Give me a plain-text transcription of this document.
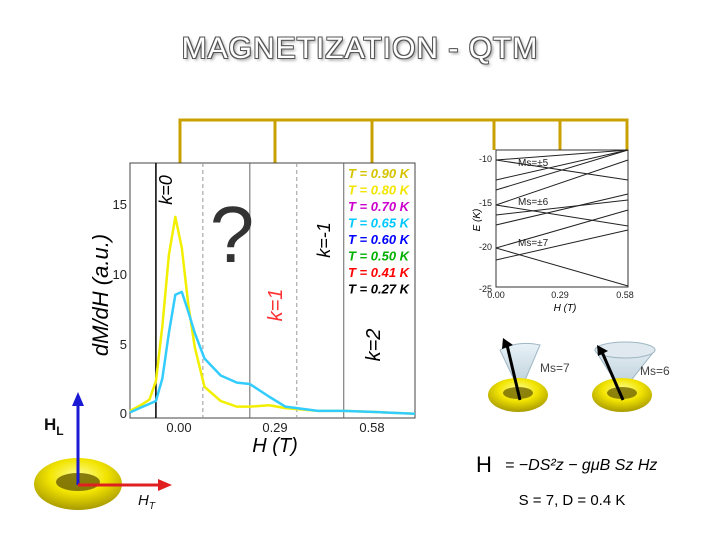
MAGNETIZATION - QTM
0
5
10
15
0.00	0.29	0.58
H (T)
dM/dH (a.u.)
k=0
k=-1
k=1
k=2
T = 0.90 K
T = 0.80 K
T = 0.70 K
T = 0.65 K
T = 0.60 K
T = 0.50 K
T = 0.41 K
T = 0.27 K
?
-10
-15
-20
-25
0.00	0.29	0.58
H (T)
E (K)
Ms=±5
Ms=±6
Ms=±7
Ms=7	Ms=6
$H_L$
$H_T$
H = −DS²z − gμB Sz Hz
S = 7, D = 0.4 K
